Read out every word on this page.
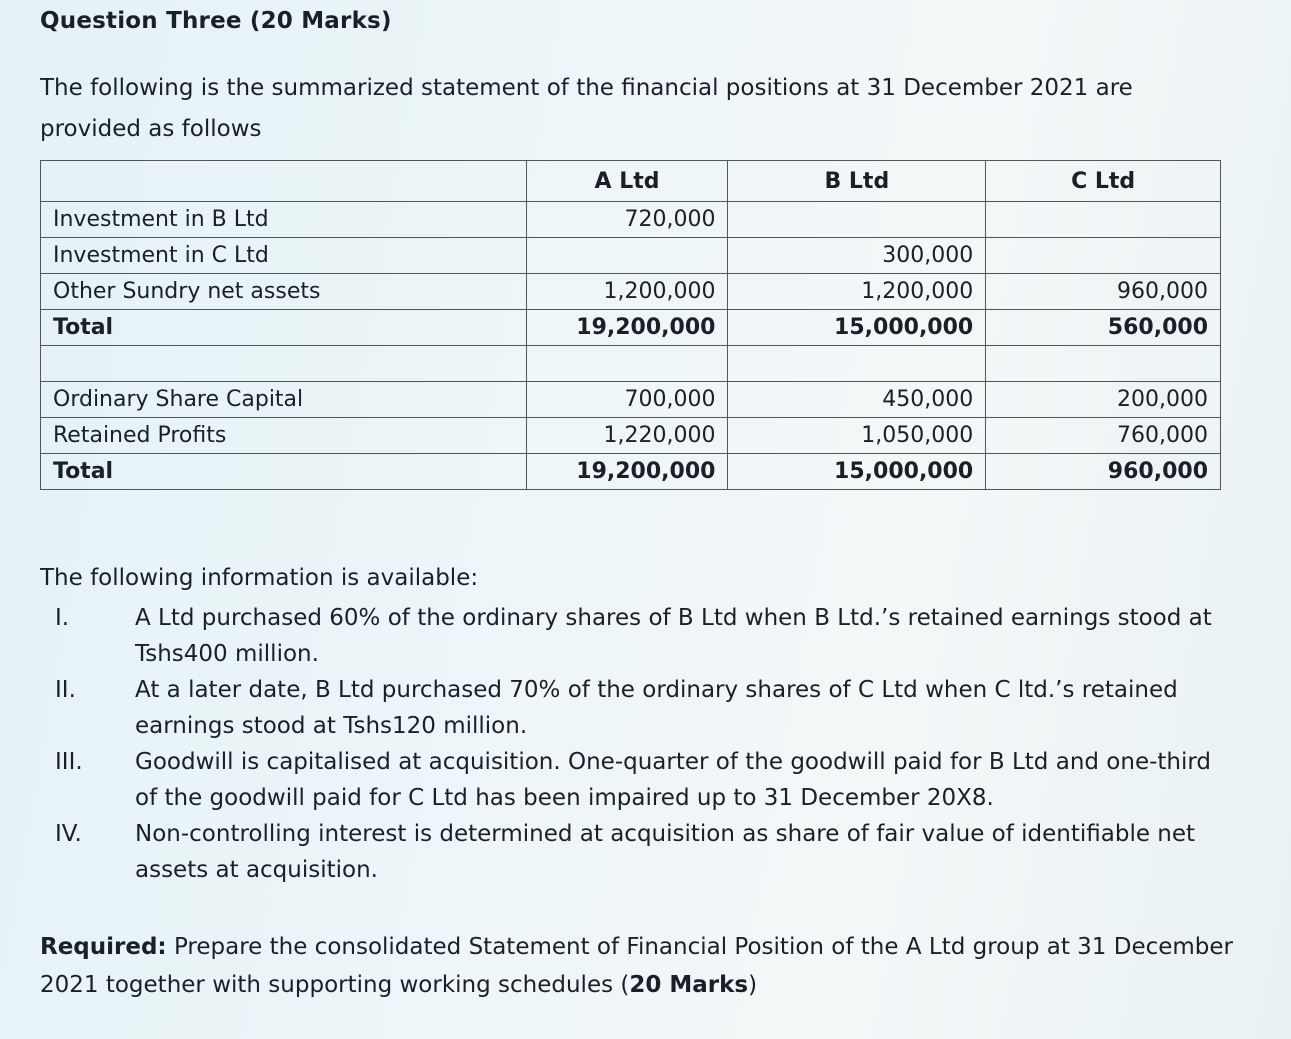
Question Three (20 Marks)
The following is the summarized statement of the financial positions at 31 December 2021 are provided as follows
	A Ltd	B Ltd	C Ltd
Investment in B Ltd	720,000		
Investment in C Ltd		300,000	
Other Sundry net assets	1,200,000	1,200,000	960,000
Total	19,200,000	15,000,000	560,000

Ordinary Share Capital	700,000	450,000	200,000
Retained Profits	1,220,000	1,050,000	760,000
Total	19,200,000	15,000,000	960,000
The following information is available:
I.	A Ltd purchased 60% of the ordinary shares of B Ltd when B Ltd.’s retained earnings stood at Tshs400 million.
II.	At a later date, B Ltd purchased 70% of the ordinary shares of C Ltd when C ltd.’s retained earnings stood at Tshs120 million.
III.	Goodwill is capitalised at acquisition. One-quarter of the goodwill paid for B Ltd and one-third of the goodwill paid for C Ltd has been impaired up to 31 December 20X8.
IV.	Non-controlling interest is determined at acquisition as share of fair value of identifiable net assets at acquisition.
Required: Prepare the consolidated Statement of Financial Position of the A Ltd group at 31 December 2021 together with supporting working schedules (20 Marks)
